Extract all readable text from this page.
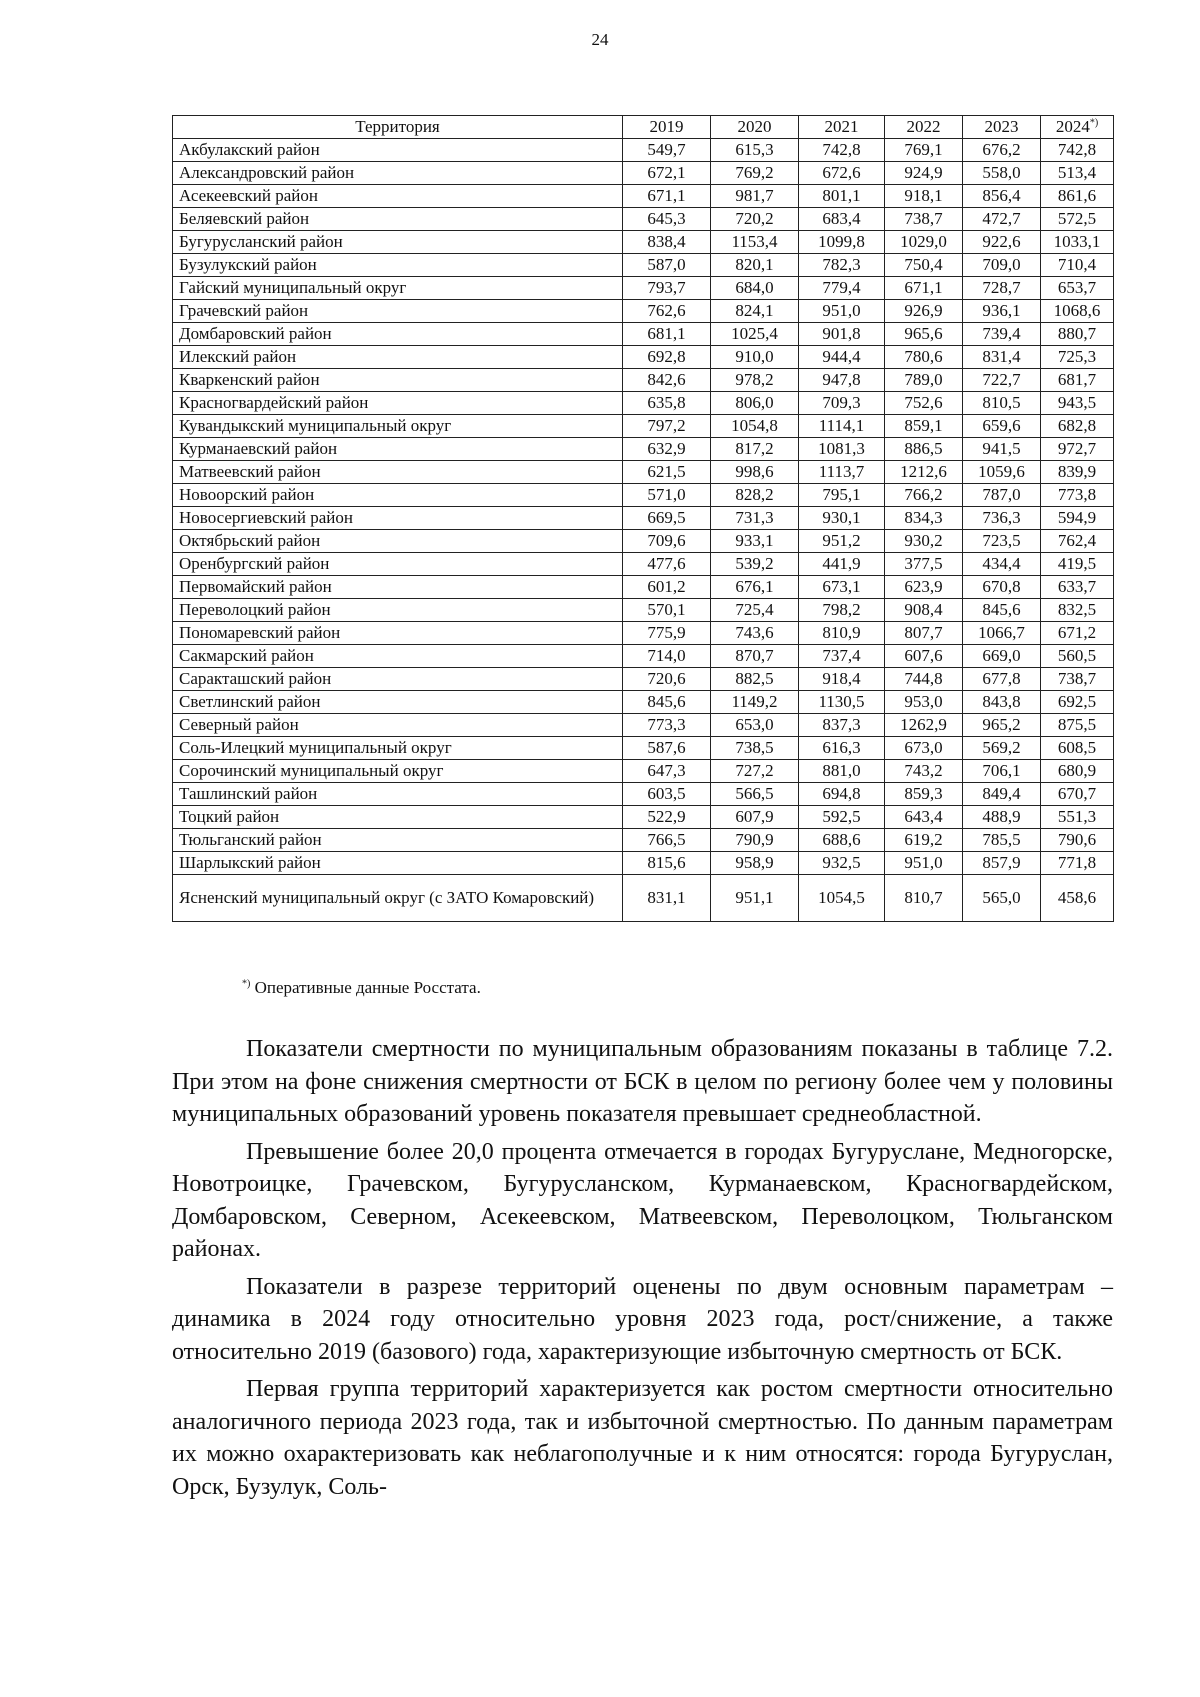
24
Территория	2019	2020	2021	2022	2023	2024*)
Акбулакский район	549,7	615,3	742,8	769,1	676,2	742,8
Александровский район	672,1	769,2	672,6	924,9	558,0	513,4
Асекеевский район	671,1	981,7	801,1	918,1	856,4	861,6
Беляевский район	645,3	720,2	683,4	738,7	472,7	572,5
Бугурусланский район	838,4	1153,4	1099,8	1029,0	922,6	1033,1
Бузулукский район	587,0	820,1	782,3	750,4	709,0	710,4
Гайский муниципальный округ	793,7	684,0	779,4	671,1	728,7	653,7
Грачевский район	762,6	824,1	951,0	926,9	936,1	1068,6
Домбаровский район	681,1	1025,4	901,8	965,6	739,4	880,7
Илекский район	692,8	910,0	944,4	780,6	831,4	725,3
Кваркенский район	842,6	978,2	947,8	789,0	722,7	681,7
Красногвардейский район	635,8	806,0	709,3	752,6	810,5	943,5
Кувандыкский муниципальный округ	797,2	1054,8	1114,1	859,1	659,6	682,8
Курманаевский район	632,9	817,2	1081,3	886,5	941,5	972,7
Матвеевский район	621,5	998,6	1113,7	1212,6	1059,6	839,9
Новоорский район	571,0	828,2	795,1	766,2	787,0	773,8
Новосергиевский район	669,5	731,3	930,1	834,3	736,3	594,9
Октябрьский район	709,6	933,1	951,2	930,2	723,5	762,4
Оренбургский район	477,6	539,2	441,9	377,5	434,4	419,5
Первомайский район	601,2	676,1	673,1	623,9	670,8	633,7
Переволоцкий район	570,1	725,4	798,2	908,4	845,6	832,5
Пономаревский район	775,9	743,6	810,9	807,7	1066,7	671,2
Сакмарский район	714,0	870,7	737,4	607,6	669,0	560,5
Саракташский район	720,6	882,5	918,4	744,8	677,8	738,7
Светлинский район	845,6	1149,2	1130,5	953,0	843,8	692,5
Северный район	773,3	653,0	837,3	1262,9	965,2	875,5
Соль-Илецкий муниципальный округ	587,6	738,5	616,3	673,0	569,2	608,5
Сорочинский муниципальный округ	647,3	727,2	881,0	743,2	706,1	680,9
Ташлинский район	603,5	566,5	694,8	859,3	849,4	670,7
Тоцкий район	522,9	607,9	592,5	643,4	488,9	551,3
Тюльганский район	766,5	790,9	688,6	619,2	785,5	790,6
Шарлыкский район	815,6	958,9	932,5	951,0	857,9	771,8
Ясненский муниципальный округ (с ЗАТО Комаровский)	831,1	951,1	1054,5	810,7	565,0	458,6
*) Оперативные данные Росстата.

Показатели смертности по муниципальным образованиям показаны в таблице 7.2. При этом на фоне снижения смертности от БСК в целом по региону более чем у половины муниципальных образований уровень показателя превышает среднеобластной.

Превышение более 20,0 процента отмечается в городах Бугуруслане, Медногорске, Новотроицке, Грачевском, Бугурусланском, Курманаевском, Красногвардейском, Домбаровском, Северном, Асекеевском, Матвеевском, Переволоцком, Тюльганском районах.

Показатели в разрезе территорий оценены по двум основным параметрам – динамика в 2024 году относительно уровня 2023 года, рост/снижение, а также относительно 2019 (базового) года, характеризующие избыточную смертность от БСК.

Первая группа территорий характеризуется как ростом смертности относительно аналогичного периода 2023 года, так и избыточной смертностью. По данным параметрам их можно охарактеризовать как неблагополучные и к ним относятся: города Бугуруслан, Орск, Бузулук, Соль-
